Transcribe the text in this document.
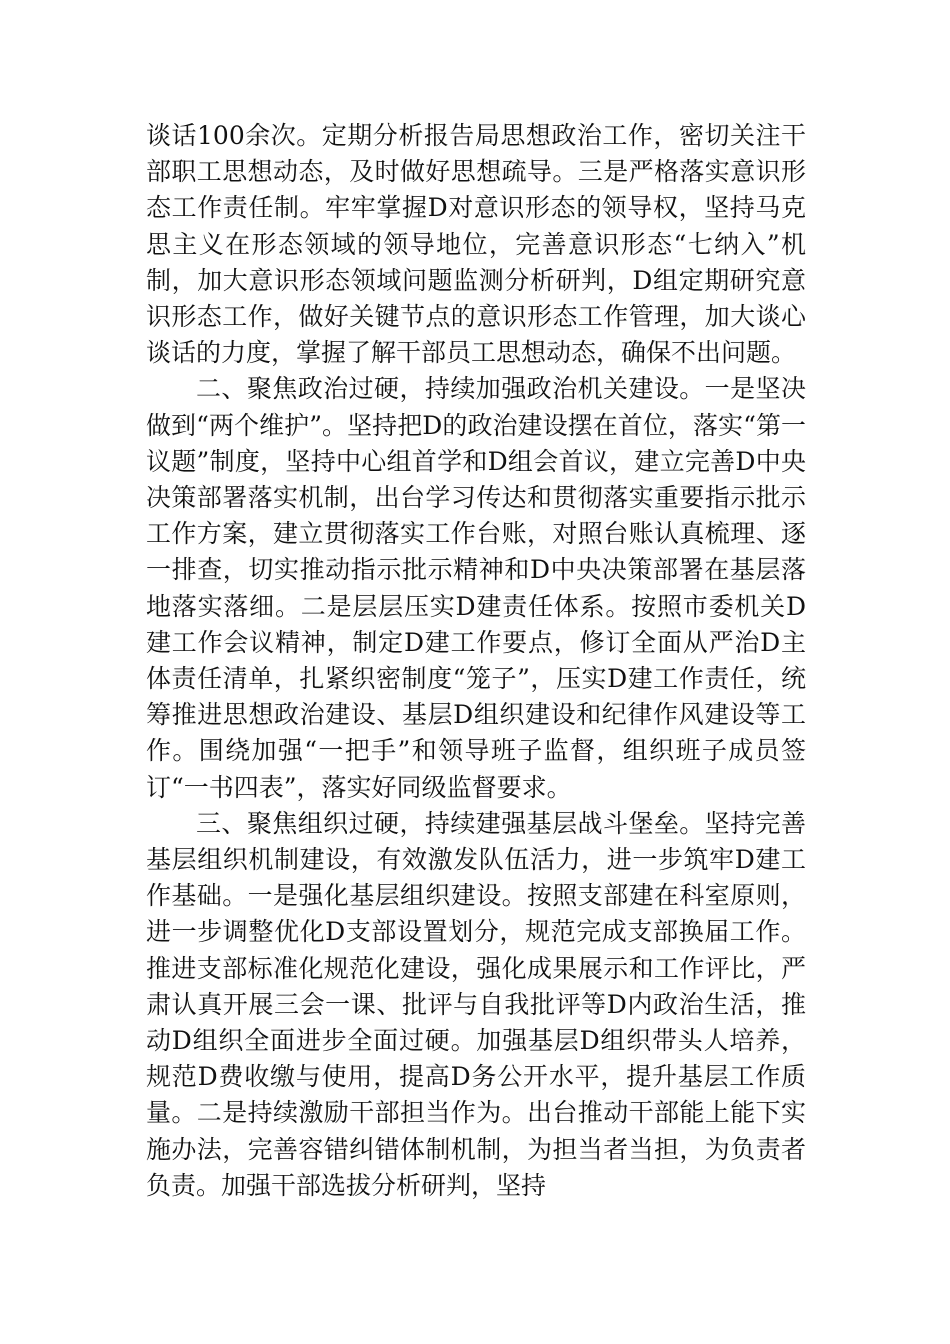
谈话100余次。定期分析报告局思想政治工作，密切关注干部职工思想动态，及时做好思想疏导。三是严格落实意识形态工作责任制。牢牢掌握D对意识形态的领导权，坚持马克思主义在形态领域的领导地位，完善意识形态“七纳入”机制，加大意识形态领域问题监测分析研判，D组定期研究意识形态工作，做好关键节点的意识形态工作管理，加大谈心谈话的力度，掌握了解干部员工思想动态，确保不出问题。

二、聚焦政治过硬，持续加强政治机关建设。一是坚决做到“两个维护”。坚持把D的政治建设摆在首位，落实“第一议题”制度，坚持中心组首学和D组会首议，建立完善D中央决策部署落实机制，出台学习传达和贯彻落实重要指示批示工作方案，建立贯彻落实工作台账，对照台账认真梳理、逐一排查，切实推动指示批示精神和D中央决策部署在基层落地落实落细。二是层层压实D建责任体系。按照市委机关D建工作会议精神，制定D建工作要点，修订全面从严治D主体责任清单，扎紧织密制度“笼子”，压实D建工作责任，统筹推进思想政治建设、基层D组织建设和纪律作风建设等工作。围绕加强“一把手”和领导班子监督，组织班子成员签订“一书四表”，落实好同级监督要求。

三、聚焦组织过硬，持续建强基层战斗堡垒。坚持完善基层组织机制建设，有效激发队伍活力，进一步筑牢D建工作基础。一是强化基层组织建设。按照支部建在科室原则，进一步调整优化D支部设置划分，规范完成支部换届工作。推进支部标准化规范化建设，强化成果展示和工作评比，严肃认真开展三会一课、批评与自我批评等D内政治生活，推动D组织全面进步全面过硬。加强基层D组织带头人培养，规范D费收缴与使用，提高D务公开水平，提升基层工作质量。二是持续激励干部担当作为。出台推动干部能上能下实施办法，完善容错纠错体制机制，为担当者当担，为负责者负责。加强干部选拔分析研判，坚持
